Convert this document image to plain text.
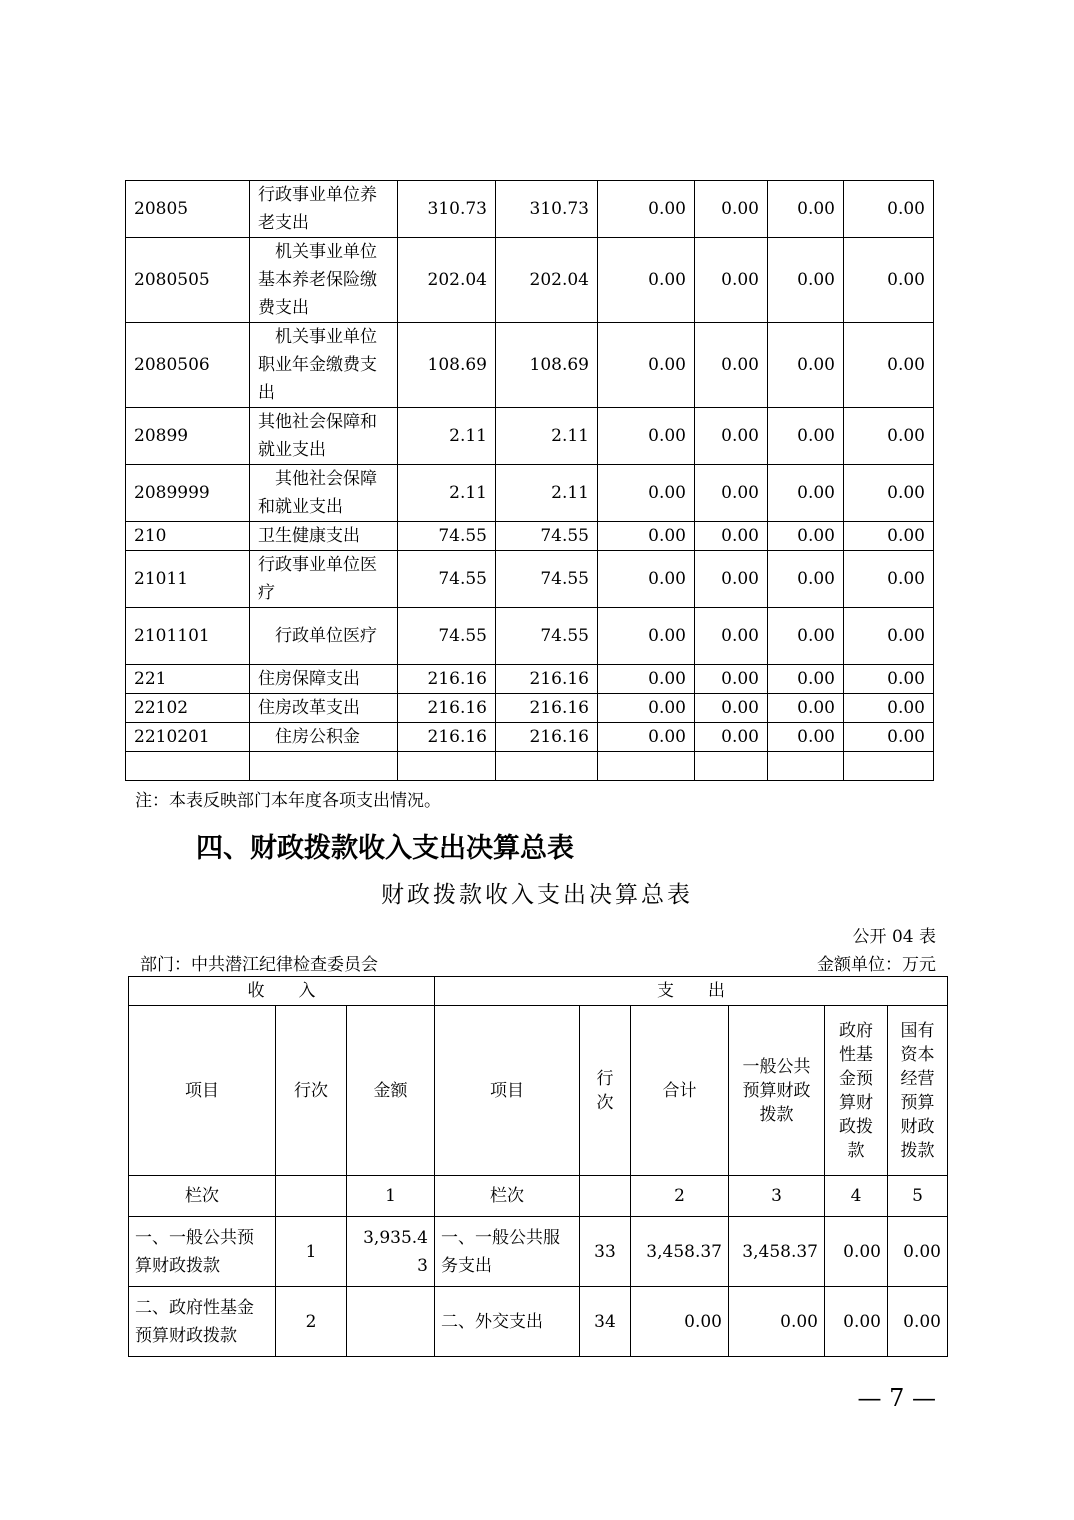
20805	行政事业单位养老支出	310.73	310.73	0.00	0.00	0.00	0.00
2080505	机关事业单位基本养老保险缴费支出	202.04	202.04	0.00	0.00	0.00	0.00
2080506	机关事业单位职业年金缴费支出	108.69	108.69	0.00	0.00	0.00	0.00
20899	其他社会保障和就业支出	2.11	2.11	0.00	0.00	0.00	0.00
2089999	其他社会保障和就业支出	2.11	2.11	0.00	0.00	0.00	0.00
210	卫生健康支出	74.55	74.55	0.00	0.00	0.00	0.00
21011	行政事业单位医疗	74.55	74.55	0.00	0.00	0.00	0.00
2101101	行政单位医疗	74.55	74.55	0.00	0.00	0.00	0.00
221	住房保障支出	216.16	216.16	0.00	0.00	0.00	0.00
22102	住房改革支出	216.16	216.16	0.00	0.00	0.00	0.00
2210201	住房公积金	216.16	216.16	0.00	0.00	0.00	0.00

注：本表反映部门本年度各项支出情况。
四、财政拨款收入支出决算总表
财政拨款收入支出决算总表
公开 04 表
部门：中共潜江纪律检查委员会	金额单位：万元
收　　入			支　　出					
项目	行次	金额	项目	行次	合计	一般公共预算财政拨款	政府性基金预算财政拨款	国有资本经营预算财政拨款
栏次		1	栏次		2	3	4	5
一、一般公共预算财政拨款	1	3,935.43	一、一般公共服务支出	33	3,458.37	3,458.37	0.00	0.00
二、政府性基金预算财政拨款	2		二、外交支出	34	0.00	0.00	0.00	0.00
— 7 —
